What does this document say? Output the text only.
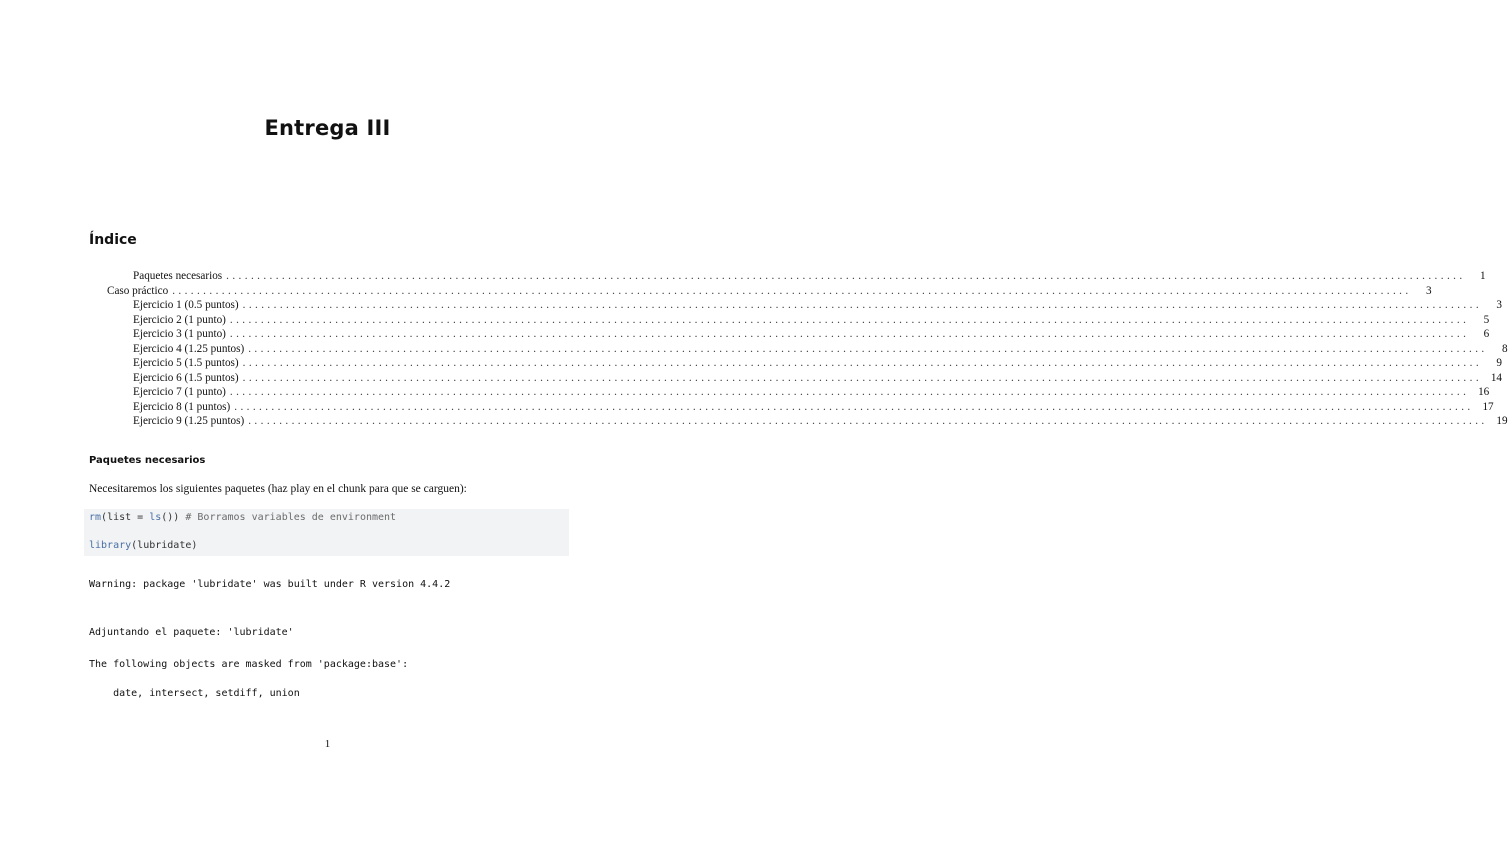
Entrega III
Índice
Paquetes necesarios ........................................................................................................................................................................................................	1
Caso práctico ........................................................................................................................................................................................................	3
Ejercicio 1 (0.5 puntos) ........................................................................................................................................................................................................	3
Ejercicio 2 (1 punto) ........................................................................................................................................................................................................	5
Ejercicio 3 (1 punto) ........................................................................................................................................................................................................	6
Ejercicio 4 (1.25 puntos) ........................................................................................................................................................................................................	8
Ejercicio 5 (1.5 puntos) ........................................................................................................................................................................................................	9
Ejercicio 6 (1.5 puntos) ........................................................................................................................................................................................................ 14
Ejercicio 7 (1 punto) ........................................................................................................................................................................................................ 16
Ejercicio 8 (1 puntos) ........................................................................................................................................................................................................ 17
Ejercicio 9 (1.25 puntos) ........................................................................................................................................................................................................ 19
Paquetes necesarios
Necesitaremos los siguientes paquetes (haz play en el chunk para que se carguen):
rm(list = ls()) # Borramos variables de environment
library(lubridate)
Warning: package 'lubridate' was built under R version 4.4.2
Adjuntando el paquete: 'lubridate'
The following objects are masked from 'package:base':
date, intersect, setdiff, union
1
